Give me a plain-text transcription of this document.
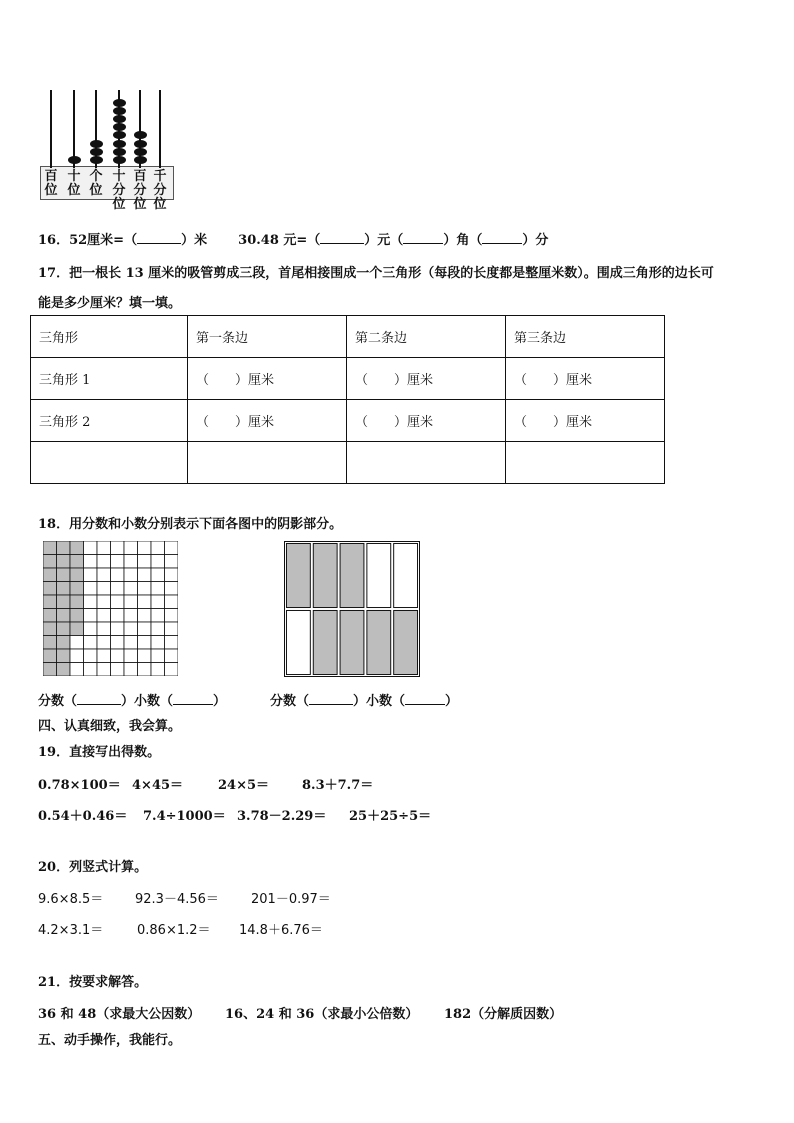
百
位
十
位
个
位
十
分
位
百
分
位
千
分
位
16．52厘米=（	）米 30.48 元=（	）元（	）角（	）分
17．把一根长 13 厘米的吸管剪成三段，首尾相接围成一个三角形（每段的长度都是整厘米数）。围成三角形的边长可
能是多少厘米？填一填。
三角形	第一条边	第二条边	第三条边
三角形 1	（　　）厘米	（　　）厘米	（　　）厘米
三角形 2	（　　）厘米	（　　）厘米	（　　）厘米

18．用分数和小数分别表示下面各图中的阴影部分。
分数（	）小数（	）	分数（	）小数（	）
四、认真细致，我会算。
19．直接写出得数。
0.78×100＝ 4×45＝	24×5＝	8.3＋7.7＝
0.54＋0.46＝ 7.4÷1000＝ 3.78－2.29＝ 25＋25÷5＝
20．列竖式计算。
9.6×8.5＝ 92.3－4.56＝ 201－0.97＝
4.2×3.1＝	0.86×1.2＝ 14.8＋6.76＝
21．按要求解答。
36 和 48（求最大公因数） 16、24 和 36（求最小公倍数） 182（分解质因数）
五、动手操作，我能行。
